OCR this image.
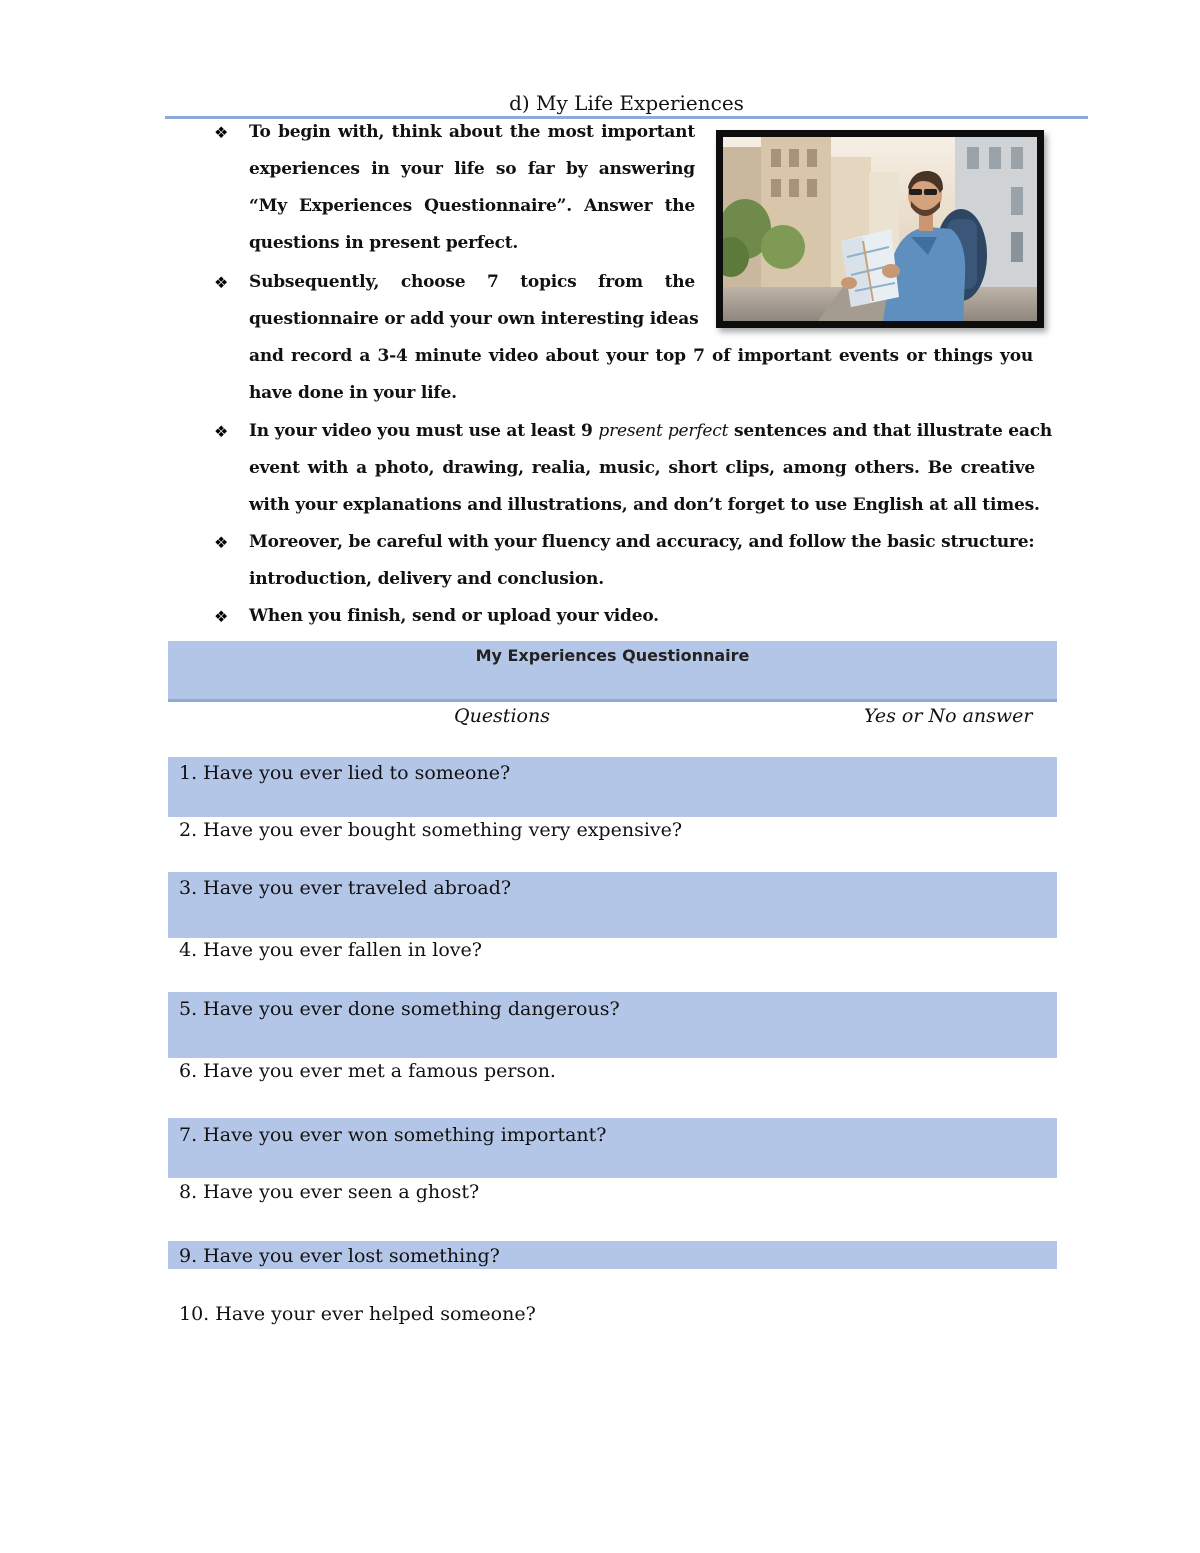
d) My Life Experiences
❖ To begin with, think about the most important
experiences in your life so far by answering
“My Experiences Questionnaire”. Answer the
questions in present perfect.
❖ Subsequently, choose 7 topics from the
questionnaire or add your own interesting ideas
and record a 3-4 minute video about your top 7 of important events or things you
have done in your life.
❖ In your video you must use at least 9 present perfect sentences and that illustrate each
event with a photo, drawing, realia, music, short clips, among others. Be creative
with your explanations and illustrations, and don’t forget to use English at all times.
❖ Moreover, be careful with your fluency and accuracy, and follow the basic structure:
introduction, delivery and conclusion.
❖ When you finish, send or upload your video.
My Experiences Questionnaire
Questions	Yes or No answer
1. Have you ever lied to someone?
2. Have you ever bought something very expensive?
3. Have you ever traveled abroad?
4. Have you ever fallen in love?
5. Have you ever done something dangerous?
6. Have you ever met a famous person.
7. Have you ever won something important?
8. Have you ever seen a ghost?
9. Have you ever lost something?
10. Have your ever helped someone?
